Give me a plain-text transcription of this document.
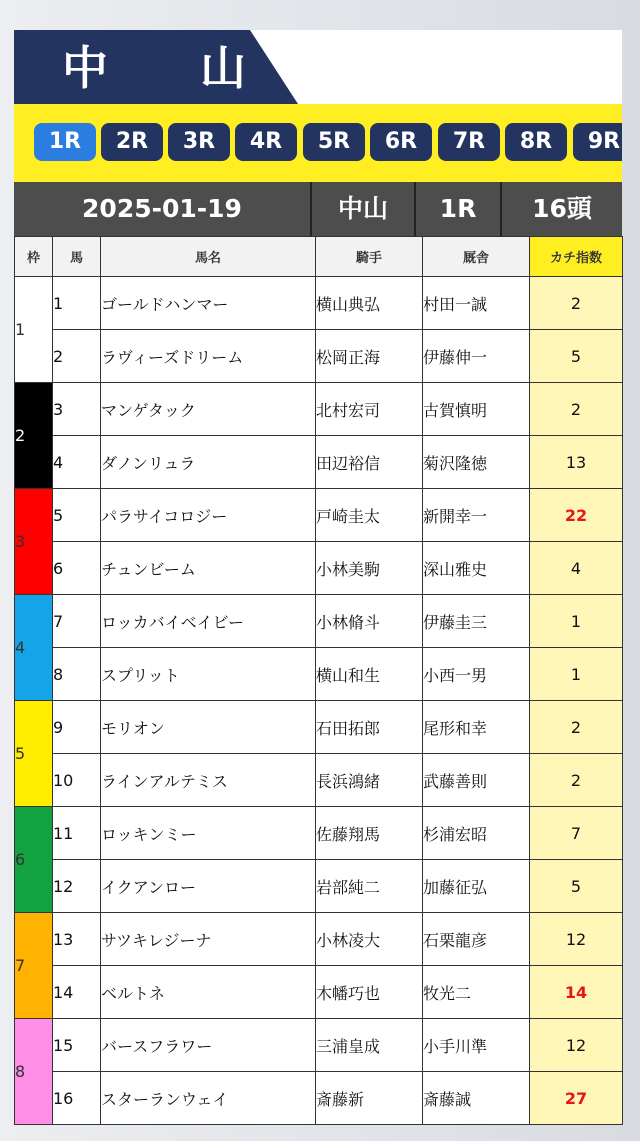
中 山
1R	2R	3R	4R	5R	6R	7R	8R	9R
2025-01-19	中山	1R	16頭
枠	馬	馬名	騎手	厩舎	カチ指数
1	1	ゴールドハンマー	横山典弘	村田一誠	2
	2	ラヴィーズドリーム	松岡正海	伊藤伸一	5
2	3	マンゲタック	北村宏司	古賀慎明	2
	4	ダノンリュラ	田辺裕信	菊沢隆徳	13
3	5	パラサイコロジー	戸崎圭太	新開幸一	22
	6	チュンビーム	小林美駒	深山雅史	4
4	7	ロッカバイベイビー	小林脩斗	伊藤圭三	1
	8	スプリット	横山和生	小西一男	1
5	9	モリオン	石田拓郎	尾形和幸	2
	10	ラインアルテミス	長浜鴻緒	武藤善則	2
6	11	ロッキンミー	佐藤翔馬	杉浦宏昭	7
	12	イクアンロー	岩部純二	加藤征弘	5
7	13	サツキレジーナ	小林凌大	石栗龍彦	12
	14	ベルトネ	木幡巧也	牧光二	14
8	15	バースフラワー	三浦皇成	小手川準	12
	16	スターランウェイ	斎藤新	斎藤誠	27
